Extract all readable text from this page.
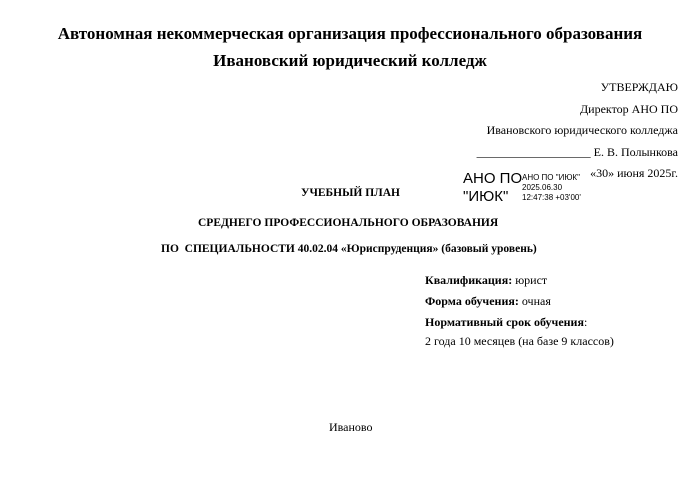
Автономная некоммерческая организация профессионального образования
Ивановский юридический колледж
УТВЕРЖДАЮ
Директор АНО ПО
Ивановского юридического колледжа
___________________ Е. В. Полынкова
«30» июня 2025г.
АНО ПО
"ИЮК"
АНО ПО "ИЮК"
2025.06.30
12:47:38 +03'00'
УЧЕБНЫЙ ПЛАН
СРЕДНЕГО ПРОФЕССИОНАЛЬНОГО ОБРАЗОВАНИЯ
ПО  СПЕЦИАЛЬНОСТИ 40.02.04 «Юриспруденция» (базовый уровень)
Квалификация: юрист
Форма обучения: очная
Нормативный срок обучения:
2 года 10 месяцев (на базе 9 классов)
Иваново
